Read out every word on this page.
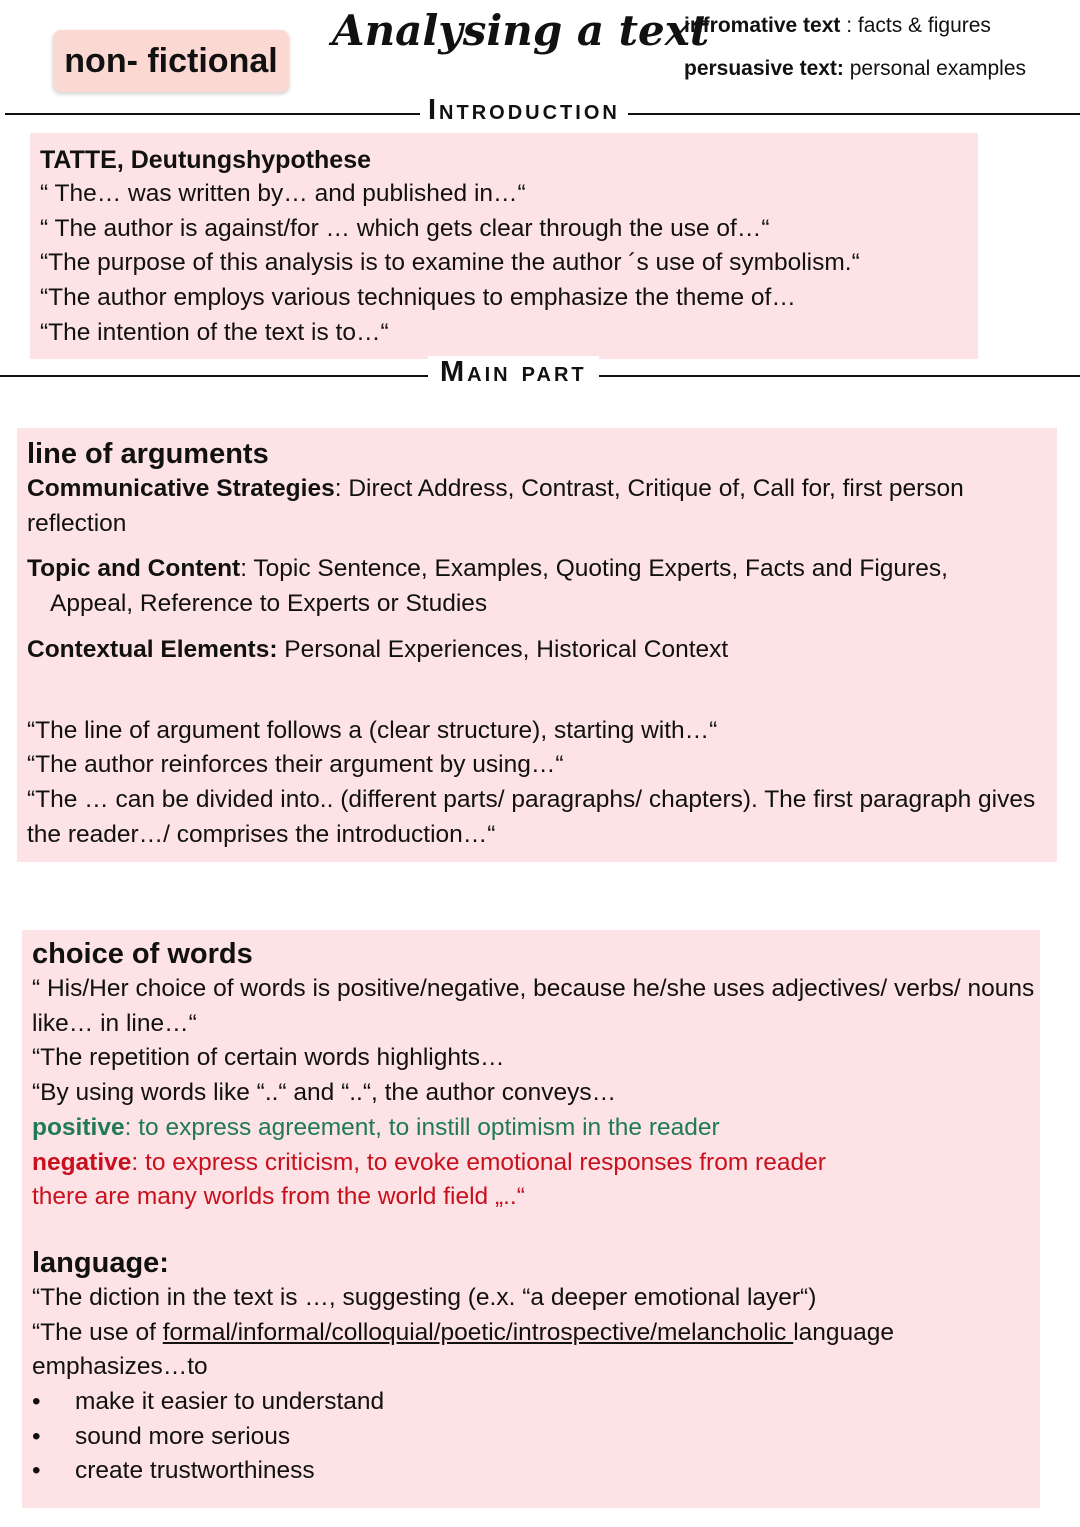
non- fictional
Analysing a text
infromative text : facts & figures
persuasive text: personal examples
Introduction

TATTE, Deutungshypothese

“ The… was written by… and published in…“

“ The author is against/for … which gets clear through the use of…“

“The purpose of this analysis is to examine the author ´s use of symbolism.“

“The author employs various techniques to emphasize the theme of…

“The intention of the text is to…“

Main part

line of arguments

Communicative Strategies: Direct Address, Contrast, Critique of, Call for, first person reflection

Topic and Content: Topic Sentence, Examples, Quoting Experts, Facts and Figures,

Appeal, Reference to Experts or Studies

Contextual Elements: Personal Experiences, Historical Context

“The line of argument follows a (clear structure), starting with…“

“The author reinforces their argument by using…“

“The … can be divided into.. (different parts/ paragraphs/ chapters). The first paragraph gives the reader…/ comprises the introduction…“

choice of words

“ His/Her choice of words is positive/negative, because he/she uses adjectives/ verbs/ nouns like… in line…“

“The repetition of certain words highlights…

“By using words like “..“ and “..“, the author conveys…

positive: to express agreement, to instill optimism in the reader

negative: to express criticism, to evoke emotional responses from reader

there are many worlds from the world field „..“

language:

“The diction in the text is …, suggesting (e.x. “a deeper emotional layer“)

“The use of formal/informal/colloquial/poetic/introspective/melancholic language emphasizes…to

• make it easier to understand
• sound more serious
• create trustworthiness
